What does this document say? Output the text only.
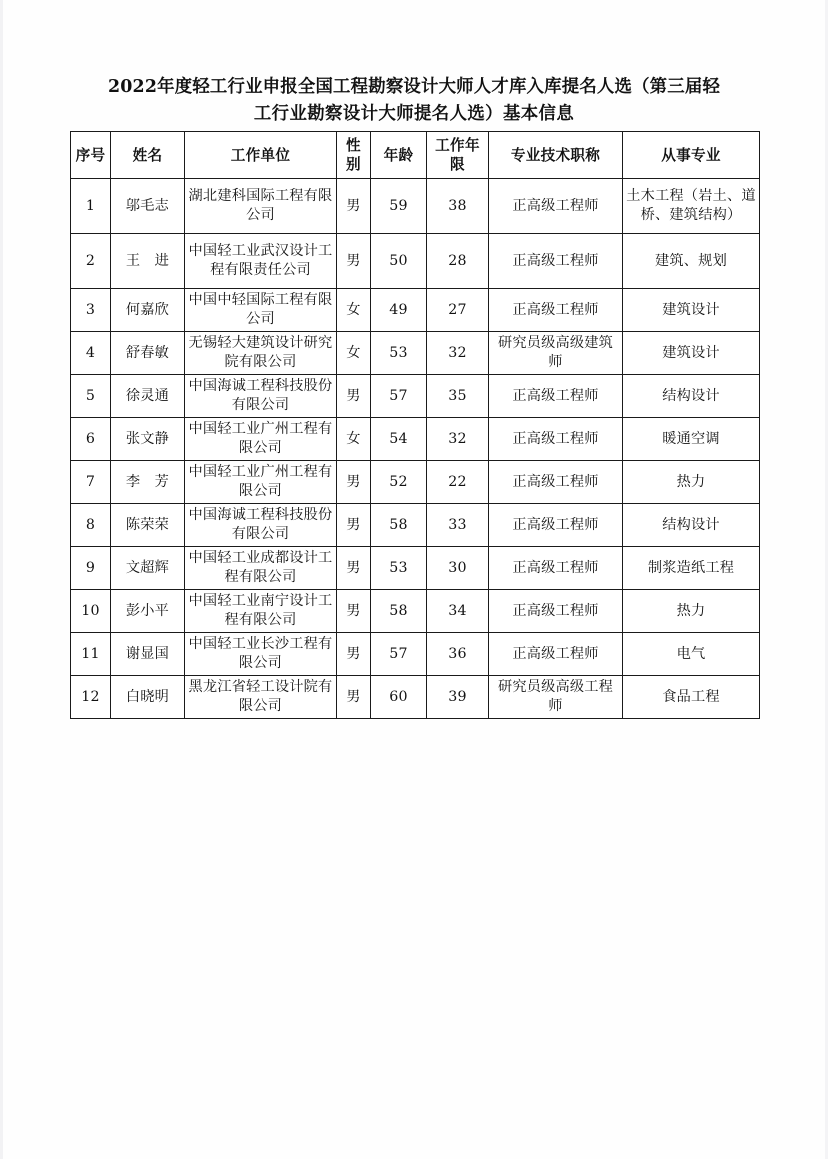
2022年度轻工行业申报全国工程勘察设计大师人才库入库提名人选（第三届轻
工行业勘察设计大师提名人选）基本信息
序号	姓名	工作单位	性别	年龄	工作年限	专业技术职称	从事专业
1	邬毛志	湖北建科国际工程有限公司	男	59	38	正高级工程师	土木工程（岩土、道桥、建筑结构）
2	王　进	中国轻工业武汉设计工程有限责任公司	男	50	28	正高级工程师	建筑、规划
3	何嘉欣	中国中轻国际工程有限公司	女	49	27	正高级工程师	建筑设计
4	舒春敏	无锡轻大建筑设计研究院有限公司	女	53	32	研究员级高级建筑师	建筑设计
5	徐灵通	中国海诚工程科技股份有限公司	男	57	35	正高级工程师	结构设计
6	张文静	中国轻工业广州工程有限公司	女	54	32	正高级工程师	暖通空调
7	李　芳	中国轻工业广州工程有限公司	男	52	22	正高级工程师	热力
8	陈荣荣	中国海诚工程科技股份有限公司	男	58	33	正高级工程师	结构设计
9	文超辉	中国轻工业成都设计工程有限公司	男	53	30	正高级工程师	制浆造纸工程
10	彭小平	中国轻工业南宁设计工程有限公司	男	58	34	正高级工程师	热力
11	谢显国	中国轻工业长沙工程有限公司	男	57	36	正高级工程师	电气
12	白晓明	黑龙江省轻工设计院有限公司	男	60	39	研究员级高级工程师	食品工程
